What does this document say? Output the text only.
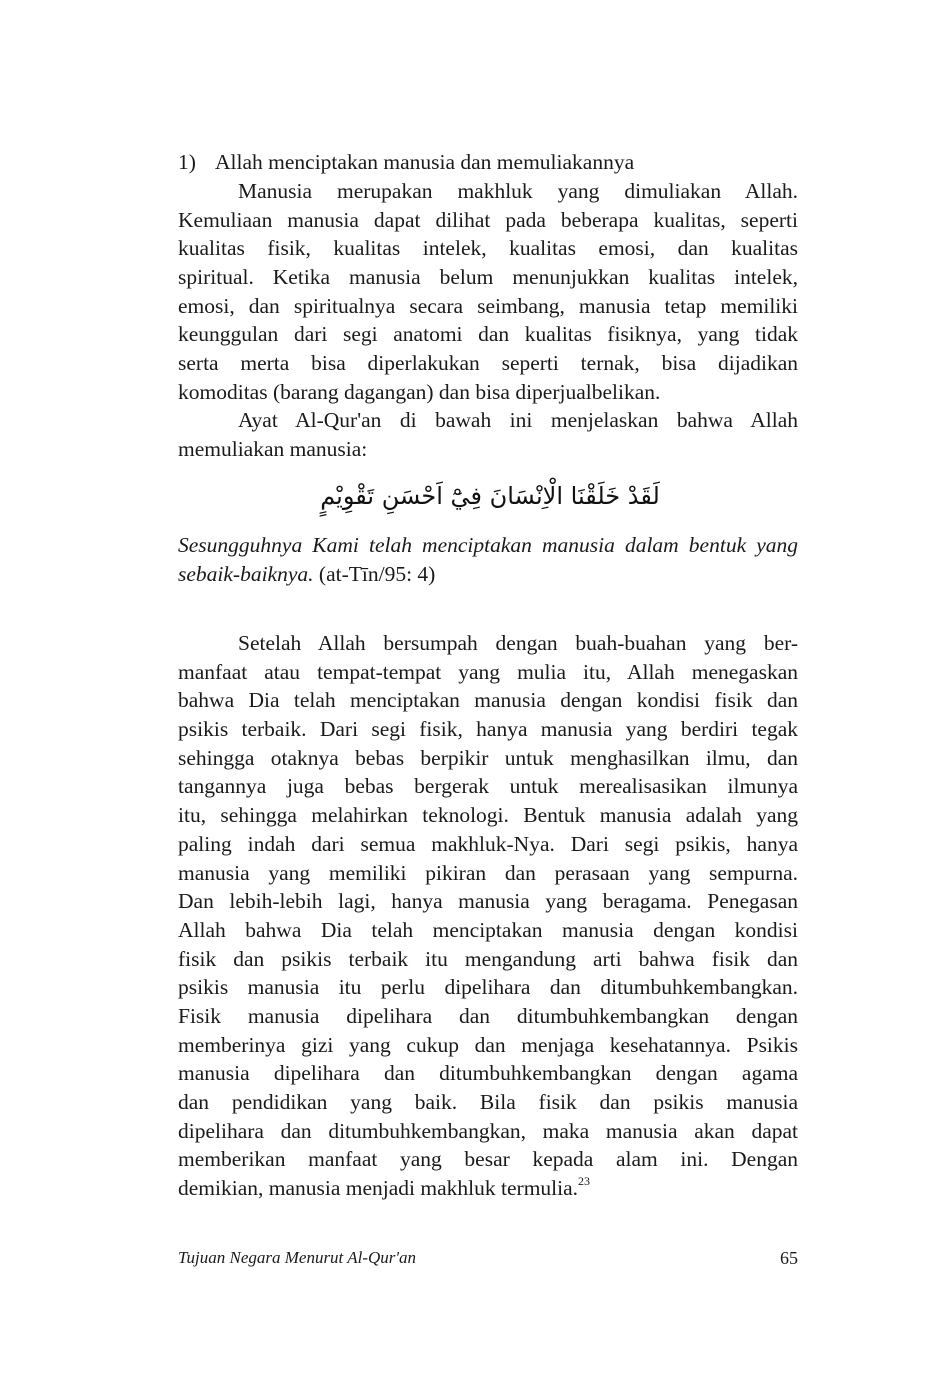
1) Allah menciptakan manusia dan memuliakannya
Manusia merupakan makhluk yang dimuliakan Allah.
Kemuliaan manusia dapat dilihat pada beberapa kualitas, seperti
kualitas fisik, kualitas intelek, kualitas emosi, dan kualitas
spiritual. Ketika manusia belum menunjukkan kualitas intelek,
emosi, dan spiritualnya secara seimbang, manusia tetap memiliki
keunggulan dari segi anatomi dan kualitas fisiknya, yang tidak
serta merta bisa diperlakukan seperti ternak, bisa dijadikan
komoditas (barang dagangan) dan bisa diperjualbelikan.
Ayat Al-Qur'an di bawah ini menjelaskan bahwa Allah
memuliakan manusia:
لَقَدْ خَلَقْنَا الْاِنْسَانَ فِيْٓ اَحْسَنِ تَقْوِيْمٍ
Sesungguhnya Kami telah menciptakan manusia dalam bentuk yang
sebaik-baiknya. (at-Tīn/95: 4)
Setelah Allah bersumpah dengan buah-buahan yang ber-
manfaat atau tempat-tempat yang mulia itu, Allah menegaskan
bahwa Dia telah menciptakan manusia dengan kondisi fisik dan
psikis terbaik. Dari segi fisik, hanya manusia yang berdiri tegak
sehingga otaknya bebas berpikir untuk menghasilkan ilmu, dan
tangannya juga bebas bergerak untuk merealisasikan ilmunya
itu, sehingga melahirkan teknologi. Bentuk manusia adalah yang
paling indah dari semua makhluk-Nya. Dari segi psikis, hanya
manusia yang memiliki pikiran dan perasaan yang sempurna.
Dan lebih-lebih lagi, hanya manusia yang beragama. Penegasan
Allah bahwa Dia telah menciptakan manusia dengan kondisi
fisik dan psikis terbaik itu mengandung arti bahwa fisik dan
psikis manusia itu perlu dipelihara dan ditumbuhkembangkan.
Fisik manusia dipelihara dan ditumbuhkembangkan dengan
memberinya gizi yang cukup dan menjaga kesehatannya. Psikis
manusia dipelihara dan ditumbuhkembangkan dengan agama
dan pendidikan yang baik. Bila fisik dan psikis manusia
dipelihara dan ditumbuhkembangkan, maka manusia akan dapat
memberikan manfaat yang besar kepada alam ini. Dengan
demikian, manusia menjadi makhluk termulia.$^{23}$
Tujuan Negara Menurut Al-Qur'an	65
